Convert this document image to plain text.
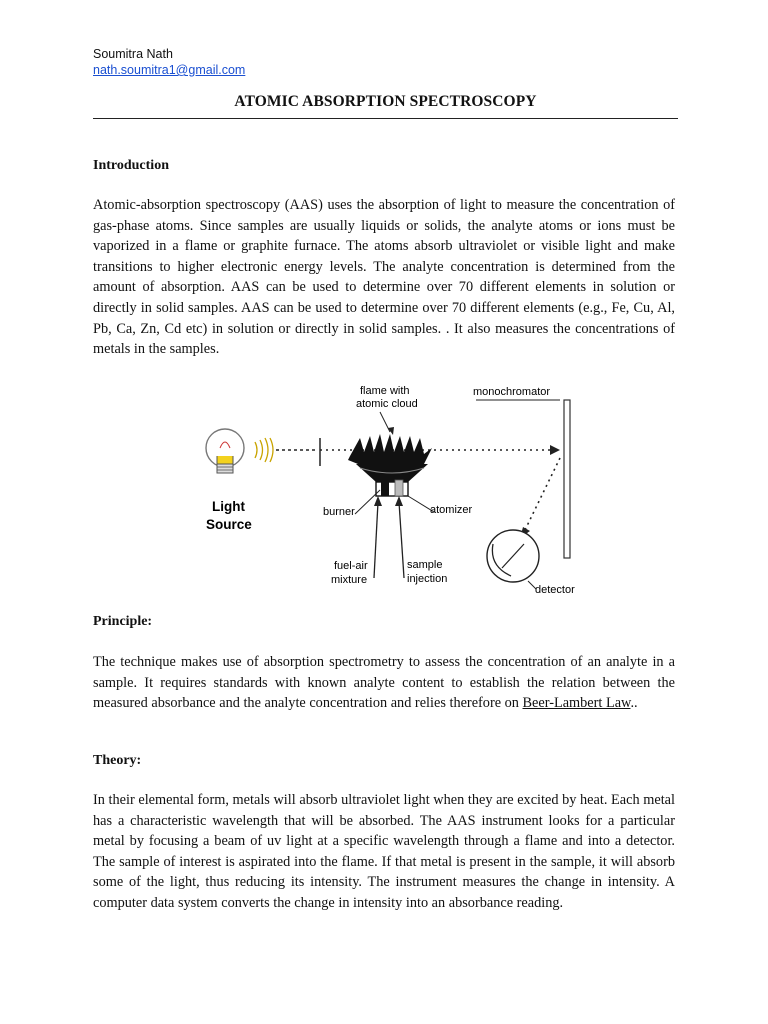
Soumitra Nath
nath.soumitra1@gmail.com
ATOMIC ABSORPTION SPECTROSCOPY
Introduction

Atomic-absorption spectroscopy (AAS) uses the absorption of light to measure the concentration of gas-phase atoms. Since samples are usually liquids or solids, the analyte atoms or ions must be vaporized in a flame or graphite furnace. The atoms absorb ultraviolet or visible light and make transitions to higher electronic energy levels. The analyte concentration is determined from the amount of absorption. AAS can be used to determine over 70 different elements in solution or directly in solid samples. AAS can be used to determine over 70 different elements (e.g., Fe, Cu, Al, Pb, Ca, Zn, Cd etc) in solution or directly in solid samples. . It also measures the concentrations of metals in the samples.

flame with
atomic cloud
monochromator
Light
Source
burner	atomizer
fuel-air
mixture
sample
injection
detector
Principle:

The technique makes use of absorption spectrometry to assess the concentration of an analyte in a sample. It requires standards with known analyte content to establish the relation between the measured absorbance and the analyte concentration and relies therefore on Beer-Lambert Law..

Theory:

In their elemental form, metals will absorb ultraviolet light when they are excited by heat. Each metal has a characteristic wavelength that will be absorbed. The AAS instrument looks for a particular metal by focusing a beam of uv light at a specific wavelength through a flame and into a detector. The sample of interest is aspirated into the flame. If that metal is present in the sample, it will absorb some of the light, thus reducing its intensity. The instrument measures the change in intensity. A computer data system converts the change in intensity into an absorbance reading.
